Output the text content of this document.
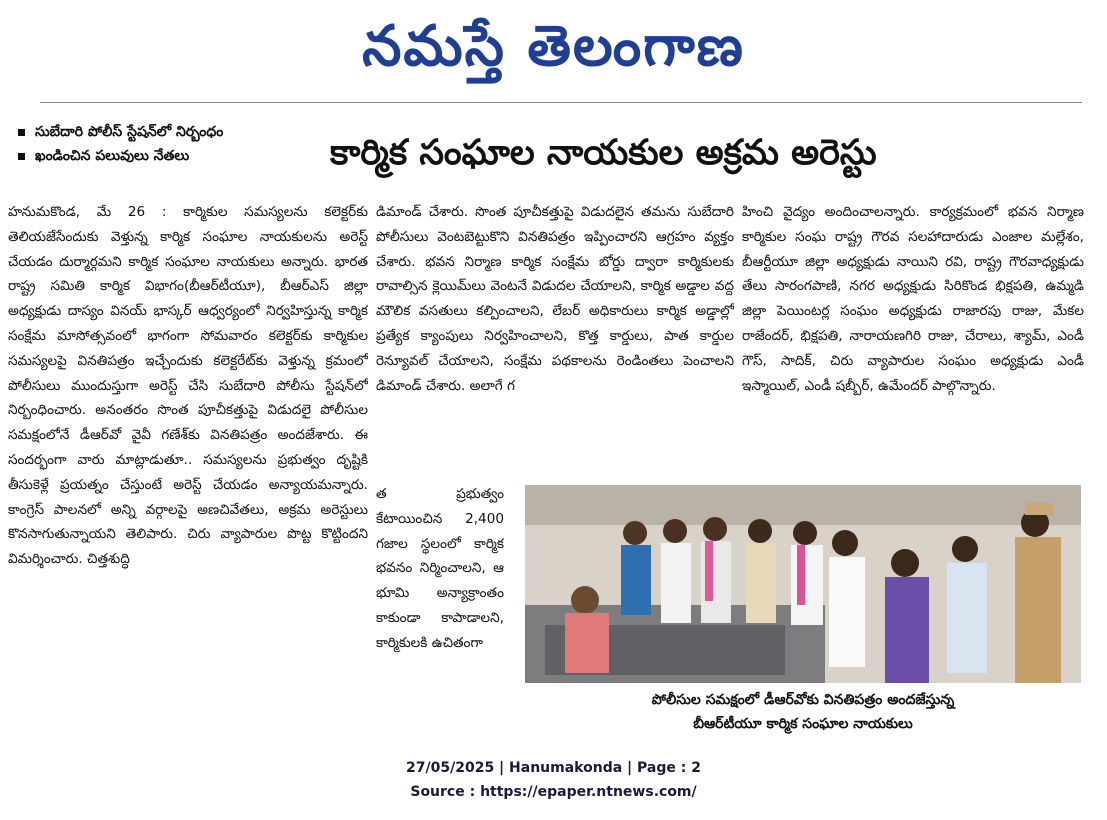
నమస్తే తెలంగాణ
సుబేదారి పోలీస్ స్టేషన్‌లో నిర్బంధం
ఖండించిన పలువులు నేతలు	కార్మిక సంఘాల నాయకుల అక్రమ అరెస్టు
హనుమకొండ, మే 26 : కార్మికుల సమస్యలను కలెక్టర్‌కు తెలియజేసేందుకు వెళ్తున్న కార్మిక సంఘాల నాయకులను అరెస్ట్ చేయడం దుర్మార్గమని కార్మిక సంఘాల నాయకులు అన్నారు. భారత రాష్ట్ర సమితి కార్మిక విభాగం(బీఆర్‌టీయూ), బీఆర్‌ఎస్ జిల్లా అధ్యక్షుడు దాస్యం వినయ్ భాస్కర్ ఆధ్వర్యంలో నిర్వహిస్తున్న కార్మిక సంక్షేమ మాసోత్సవంలో భాగంగా సోమవారం కలెక్టర్‌కు కార్మికుల సమస్యలపై వినతిపత్రం ఇచ్చేందుకు కలెక్టరేట్‌కు వెళ్తున్న క్రమంలో పోలీసులు ముందుస్తుగా అరెస్ట్ చేసి సుబేదారి పోలీసు స్టేషన్‌లో నిర్బంధించారు. అనంతరం సొంత పూచీకత్తుపై విడుదలై పోలీసుల సమక్షంలోనే డీఆర్‌వో వైవీ గణేశ్‌కు వినతిపత్రం అందజేశారు. ఈ సందర్భంగా వారు మాట్లాడుతూ.. సమస్యలను ప్రభుత్వం దృష్టికి తీసుకెళ్లే ప్రయత్నం చేస్తుంటే అరెస్ట్ చేయడం అన్యాయమన్నారు. కాంగ్రెస్ పాలనలో అన్ని వర్గాలపై అణచివేతలు, అక్రమ అరెస్టులు కొనసాగుతున్నాయని తెలిపారు. చిరు వ్యాపారుల పొట్ట కొట్టిందని విమర్శించారు. చిత్తశుద్ధి
డిమాండ్ చేశారు. సొంత పూచీకత్తుపై విడుదలైన తమను సుబేదారి పోలీసులు వెంటబెట్టుకొని వినతిపత్రం ఇప్పించారని ఆగ్రహం వ్యక్తం చేశారు. భవన నిర్మాణ కార్మిక సంక్షేమ బోర్డు ద్వారా కార్మికులకు రావాల్సిన క్లెయిమ్‌లు వెంటనే విడుదల చేయాలని, కార్మిక అడ్డాల వద్ద మౌలిక వసతులు కల్పించాలని, లేబర్ అధికారులు కార్మిక అడ్డాల్లో ప్రత్యేక క్యాంపులు నిర్వహించాలని, కొత్త కార్డులు, పాత కార్డుల రెన్యూవల్ చేయాలని, సంక్షేమ పథకాలను రెండింతలు పెంచాలని డిమాండ్ చేశారు. అలాగే గ
త ప్రభుత్వం కేటాయించిన 2,400 గజాల స్థలంలో కార్మిక భవనం నిర్మించాలని, ఆ భూమి అన్యాక్రాంతం కాకుండా కాపాడాలని, కార్మికులకి ఉచితంగా
హించి వైద్యం అందించాలన్నారు. కార్యక్రమంలో భవన నిర్మాణ కార్మికుల సంఘ రాష్ట్ర గౌరవ సలహాదారుడు ఎంజాల మల్లేశం, బీఆర్టీయూ జిల్లా అధ్యక్షుడు నాయిని రవి, రాష్ట్ర గౌరవాధ్యక్షుడు తేలు సారంగపాణి, నగర అధ్యక్షుడు సిరికొండ భిక్షపతి, ఉమ్మడి జిల్లా పెయింటర్ల సంఘం అధ్యక్షుడు రాజారపు రాజు, మేకల రాజేందర్, భిక్షపతి, నారాయణగిరి రాజు, చేరాలు, శ్యామ్, ఎండీ గౌస్, సాదిక్, చిరు వ్యాపారుల సంఘం అధ్యక్షుడు ఎండీ ఇస్మాయిల్, ఎండీ షబ్బీర్, ఉమేందర్ పాల్గొన్నారు.
పోలీసుల సమక్షంలో డీఆర్‌వోకు వినతిపత్రం అందజేస్తున్న
బీఆర్‌టీయూ కార్మిక సంఘాల నాయకులు
27/05/2025 | Hanumakonda | Page : 2
Source : https://epaper.ntnews.com/
